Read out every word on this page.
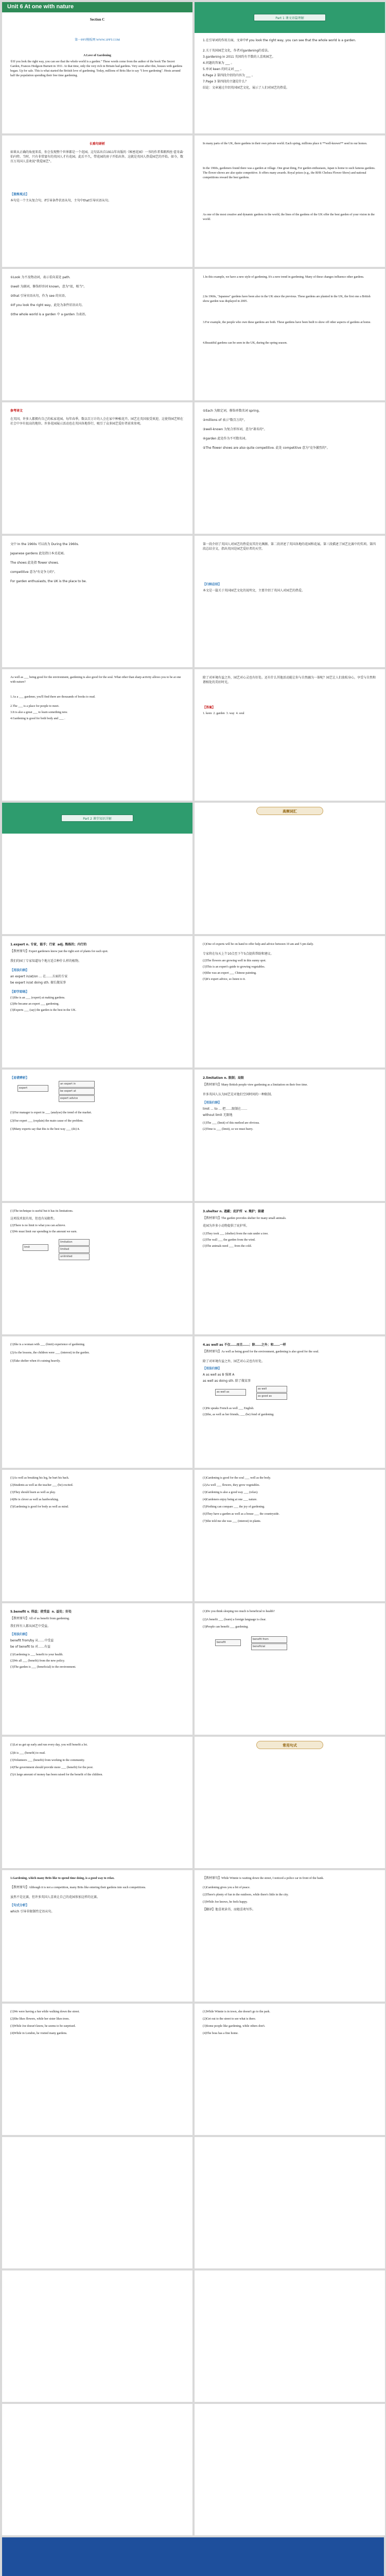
Unit 6 At one with nature
Section C
第一PPT模板网 WWW.1PPT.COM
A Love of Gardening
①If you look the right way, you can see that the whole world is a garden." These words come from the author of the book The Secret Garden, Frances Hodgson Burnett in 1911. At that time, only the very rich in Britain had gardens. Very soon after this, houses with gardens began. Up for sale. This is what started the British love of gardening. Today, millions of Brits like to say "I love gardening". Hosts around half the population spending their free time gardening.
Part 1 课文语篇理解
1.在引导词的作用方面，文章中If you look the right way, you can see that the whole world is a garden.
2.关于英国园艺文化，作者对gardening的看法。
3.gardening in 2011 英国约有半数的人喜欢园艺。
4.问题的答案为 ___ 。
5.单词 keen 的同义词 ___ 。
6.Page 2 第四段介绍的内容为 ___ 。
7.Page 3 第四段的主题是什么？
结论：文章通过介绍英国园艺文化，展示了人们对园艺的热爱。
长难句研析
如果从正确的角度来看，你会发现整个世界都是一个花园。这句话出自1911年出版的《秘密花园》一书的作者弗朗西丝·霍奇森·伯内特。当时，只有非常富有的英国人才有花园。此后不久，带花园的房子开始出售。这就是英国人热爱园艺的开始。如今，数百万英国人喜欢说"我爱园艺"。
【提炼观点】
本句是一个主从复合句，if引导条件状语从句，主句中that引导宾语从句。
In many parts of the UK, there gardens in their own private world. Each spring, millions place it **well-known** seed in our homes.
In the 1960s, gardeners found there was a garden at village. One great thing, For garden enthusiasts, Japan is home to such famous gardens. The flower shows are also quite competitive. It offers many awards. Royal prizes (e.g., the RHS Chelsea Flower Show) and national competitions reward the best gardens.
As one of the most creative and dynamic gardens in the world, the lines of the gardens of the UK offer the best garden of your vision in the world.
①Look 为不及物动词，表示看向某处 path.
②well 为副词，修饰形容词 known，意为"很，相当"。
③that 引导宾语从句，作为 see 的宾语。
④If you look the right way，此处为条件状语从句。
⑤the whole world is a garden 中 a garden 为表语。
1.In this example, we have a new style of gardening. It's a new trend in gardening. Many of these changes influence other gardens.
2.In 1960s, "Japanese" gardens have been also in the UK since the previous. These gardens are planted in the UK, the first one a British show garden was displayed in 2005.
3.For example, the people who own these gardens are both. These gardens have been built to show off other aspects of gardens at home.
4.Beautiful gardens can be seen in the UK, during the spring season.
参考译文
在英国，许多人都拥有自己的私家花园。每年春季，数以百万计的人会在家中种植花卉。园艺在英国很受欢迎，这使得园艺师在社会中享有很高的地位。许多花园展示活动也在英国各地举行，吸引了众多园艺爱好者前来参观。
①Each 为限定词，修饰单数名词 spring。
②millions of 表示"数百万的"。
③well-known 为复合形容词，意为"著名的"。
④garden 此处作为不可数名词。
⑤The flower shows are also quite competitive. 此处 competitive 意为"竞争激烈的"。
文中 In the 1960s 可以改为 During the 1960s.
Japanese gardens 此处指日本式花园。
The shows 此处指 flower shows.
competitive 意为"有竞争力的"。
For garden enthusiasts, the UK is the place to be.
第一段介绍了英国人对园艺的热爱及其历史渊源。第二段讲述了英国各地的花园和花展。第三段描述了园艺比赛中的奖项。第四段总结全文，指出英国是园艺爱好者的天堂。
【归纳总结】
本文是一篇关于英国园艺文化的说明文，主要介绍了英国人对园艺的热爱。
As well as ___ being good for the environment, gardening is also good for the soul. What other than sharp activity allows you to be at one with nature?
1.As a ___ gardener, you'll find there are thousands of books to read.
2.The ___ is a place for people to meet.
3.It is also a great ___ to learn something new.
4.Gardening is good for both body and ___ .
除了对环境有益之外，园艺对心灵也有好处。还有什么其他活动能让你与自然融为一体呢？园艺让人们放松身心，享受与自然和谐相处的美好时光。
【答案】
1. keen  2. garden  3. way  4. soul
Part 2 课堂知识详解
高频词汇
1.expert n. 专家，能手；行家  adj. 熟练的；内行的
【教材原句】Expert gardeners know just the right sort of plants for each spot.
我们的园丁专家知道每个地方适合种什么样的植物。
【用法归纳】
an expert in/at/on ... 在……方面的专家
be expert in/at doing sth. 擅长做某事
【即学即练】
(1)She is an ___ (expert) at making gardens.
(2)He became an expert ___ gardening.
(3)Experts ___ (say) the garden is the best in the UK.
(1)One of experts will be on hand to offer help and advice between 10 am and 5 pm daily.
专家将在每天上午10点至下午5点提供帮助和建议。
(2)The flowers are growing well in this sunny spot.
(3)This is an expert's guide to growing vegetables.
(4)She was an expert ___ Chinese painting.
(5)It's expert advice, so listen to it.
【易错辨析】
expert
an expert in
be expert at
expert advice
(1)Our manager is expert in ___ (analyse) the trend of the market.
(2)Our expert ___ (explain) the main cause of the problem.
(3)Many experts say that this is the best way ___ (do) it.
2.limitation n. 限制；局限
【教材原句】Many British people view gardening as a limitation on their free time.
许多英国人认为园艺是对他们空闲时间的一种限制。
【用法归纳】
limit ... to ... 把……限制在……
without limit 无限地
(1)The ___ (limit) of this method are obvious.
(2)Time is ___ (limit), so we must hurry.
(1)The technique is useful but it has its limitations.
这项技术很有用，但也有局限性。
(2)There is no limit to what you can achieve.
(3)We must limit our spending to the amount we earn.
limit
limitation
limited
unlimited
3.shelter n. 遮蔽；庇护所  v. 掩护；躲避
【教材原句】The garden provides shelter for many small animals.
花园为许多小动物提供了庇护所。
(1)They took ___ (shelter) from the rain under a tree.
(2)The wall ___ the garden from the wind.
(3)The animals need ___ from the cold.
(1)She is a woman with ___ (limit) experience of gardening.
(2)As the lessons, the children were ___ (interest) in the garden.
(3)Take shelter when it's raining heavily.
4.as well as 不仅……而且……；除……之外；和……一样
【教材原句】As well as being good for the environment, gardening is also good for the soul.
除了对环境有益之外，园艺对心灵也有好处。
【用法归纳】
A as well as B 强调 A
as well as doing sth. 除了做某事
as well as
as well
as good as
(1)He speaks French as well ___ English.
(2)She, as well as her friends, ___ (be) fond of gardening.
(1)As well as breaking his leg, he hurt his back.
(2)Students as well as the teacher ___ (be) excited.
(3)They should learn as well as play.
(4)He is clever as well as hardworking.
(5)Gardening is good for body as well as mind.
(1)Gardening is good for the soul ___ well as the body.
(2)As well ___ flowers, they grow vegetables.
(3)Gardening is also a good way ___ (relax).
(4)Gardeners enjoy being at one ___ nature.
(5)Nothing can compare ___ the joy of gardening.
(6)They have a garden as well as a house ___ the countryside.
(7)She told me she was ___ (interest) in plants.
5.benefit v. 得益；使受益  n. 益处；好处
【教材原句】All of us benefit from gardening.
我们所有人都从园艺中受益。
【用法归纳】
benefit from/by 从……中受益
be of benefit to 对……有益
(1)Gardening is ___ benefit to your health.
(2)We all ___ (benefit) from the new policy.
(3)The garden is ___ (beneficial) to the environment.
(1)Do you think sleeping too much is beneficial to health?
(2)A benefit ___ (learn) a foreign language is clear.
(3)People can benefit ___ gardening.
benefit
benefit from
beneficial
(1)Let us get up early and run every day, you will benefit a lot.
(2)It is ___ (benefit) to read.
(3)Volunteers ___ (benefit) from working in the community.
(4)The government should provide more ___ (benefit) for the poor.
(5)A large amount of money has been raised for the benefit of the children.
常用句式
1.Gardening, which many Brits like to spend time doing, is a good way to relax.
【教材原句】Although it is not a competition, many Brits like entering their gardens into such competitions.
虽然不是比赛，但许多英国人喜欢让自己的花园参加这样的比赛。
【句式分析】
which 引导非限制性定语从句。
【教材原句】While Winnie is waiting down the street, I noticed a police car in front of the bank.
(1)Gardening gives you a bit of peace.
(2)There's plenty of fun in the outdoors, while there's little in the city.
(3)While Joe knows, he feels happy.
【翻译】他喜欢读书，而她喜欢写作。
(1)We were having a fun while walking down the street.
(2)She likes flowers, while her sister likes trees.
(3)While Joe doesn't know, he seems to be surprised.
(4)While in London, he visited many gardens.
(1)While Winnie is in town, she doesn't go to the park.
(2)Get out to the street to see what is there.
(3)Some people like gardening, while others don't.
(4)The boss has a fine home.
